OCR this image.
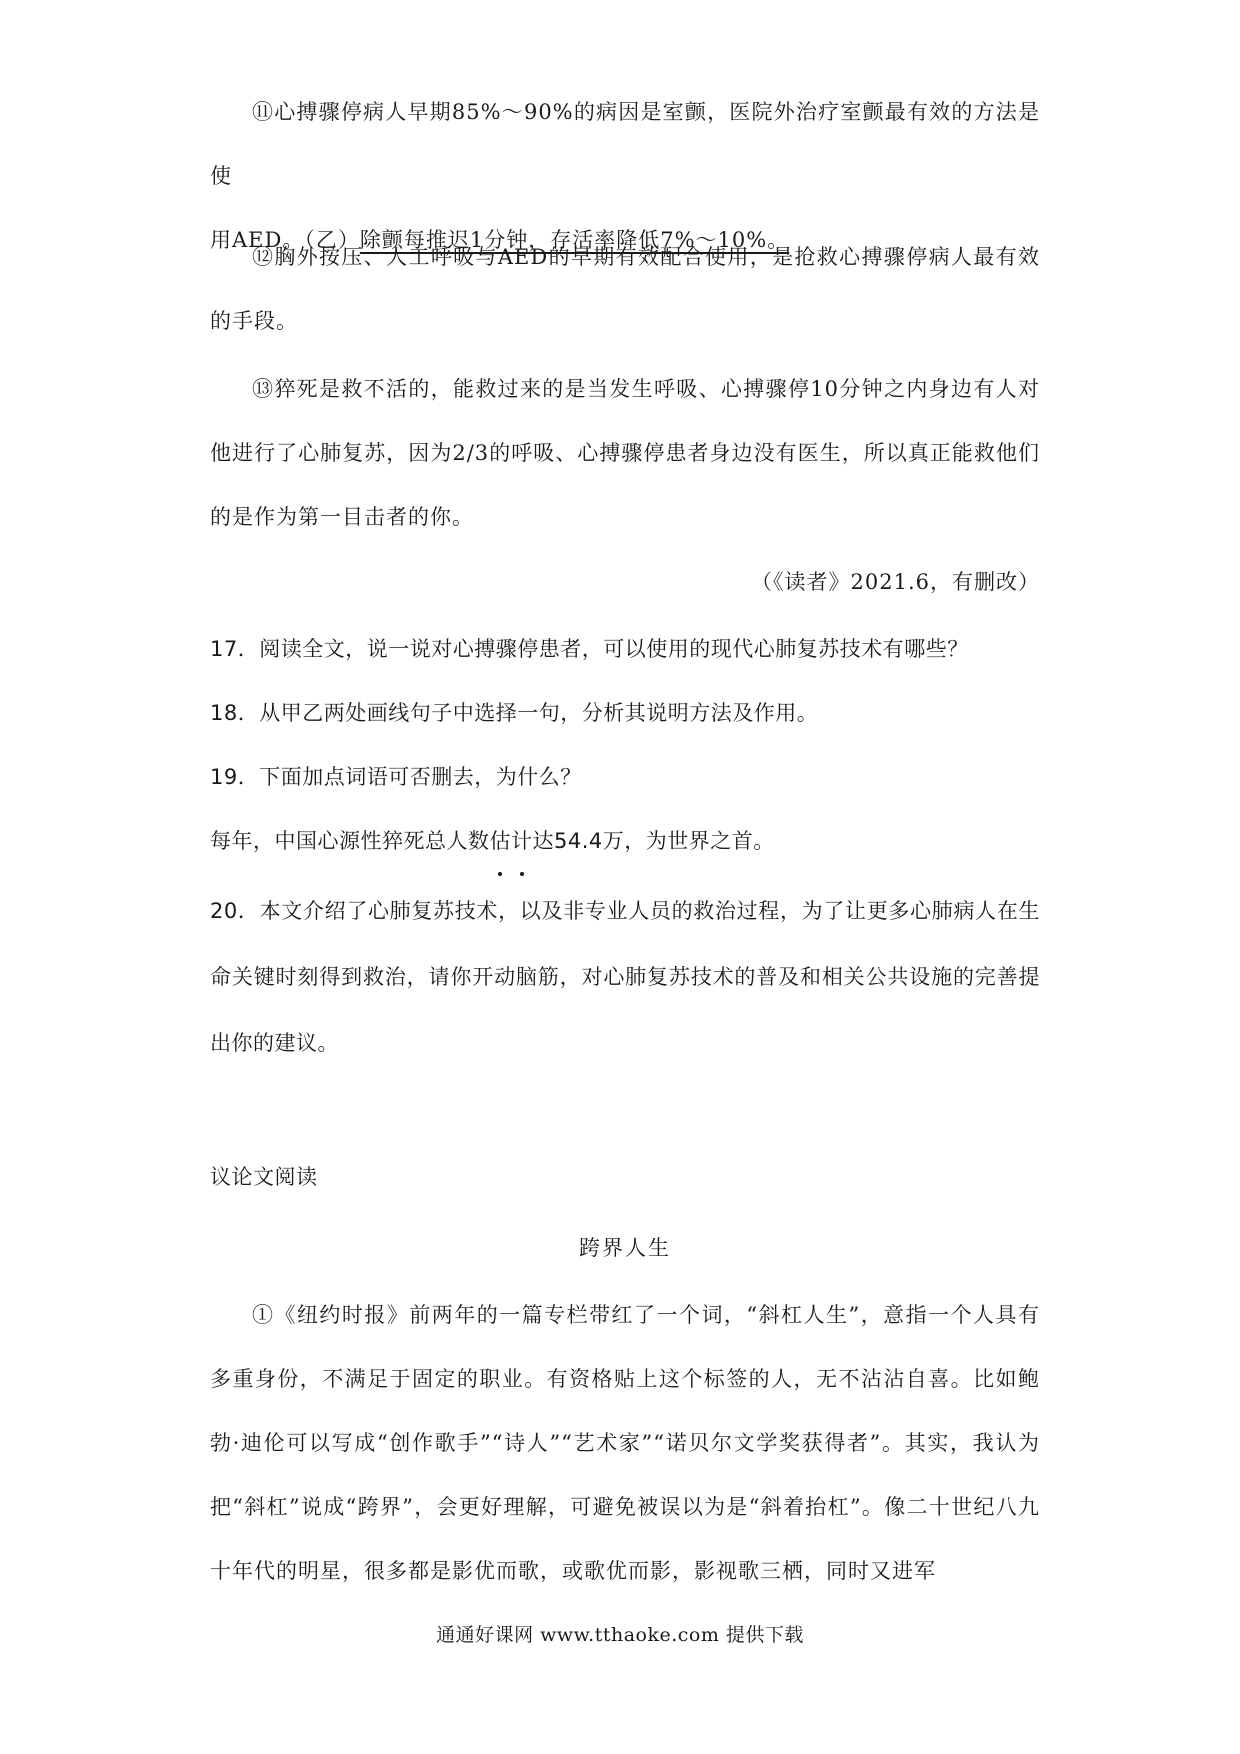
⑪心搏骤停病人早期85%～90%的病因是室颤，医院外治疗室颤最有效的方法是使
用AED。（乙）除颤每推迟1分钟，存活率降低7%～10%。

⑫胸外按压、人工呼吸与AED的早期有效配合使用，是抢救心搏骤停病人最有效的手段。

⑬猝死是救不活的，能救过来的是当发生呼吸、心搏骤停10分钟之内身边有人对他进行了心肺复苏，因为2/3的呼吸、心搏骤停患者身边没有医生，所以真正能救他们的是作为第一目击者的你。

（《读者》2021.6，有删改）
17．阅读全文，说一说对心搏骤停患者，可以使用的现代心肺复苏技术有哪些？
18．从甲乙两处画线句子中选择一句，分析其说明方法及作用。
19．下面加点词语可否删去，为什么？
每年，中国心源性猝死总人数估计
达54.4万，为世界之首。

20．本文介绍了心肺复苏技术，以及非专业人员的救治过程，为了让更多心肺病人在生命关键时刻得到救治，请你开动脑筋，对心肺复苏技术的普及和相关公共设施的完善提出你的建议。

议论文阅读
跨界人生

①《纽约时报》前两年的一篇专栏带红了一个词，“斜杠人生”，意指一个人具有多重身份，不满足于固定的职业。有资格贴上这个标签的人，无不沾沾自喜。比如鲍勃·迪伦可以写成“创作歌手”“诗人”“艺术家”“诺贝尔文学奖获得者”。其实，我认为把“斜杠”说成“跨界”，会更好理解，可避免被误以为是“斜着抬杠”。像二十世纪八九十年代的明星，很多都是影优而歌，或歌优而影，影视歌三栖，同时又进军

通通好课网 www.tthaoke.com 提供下载
